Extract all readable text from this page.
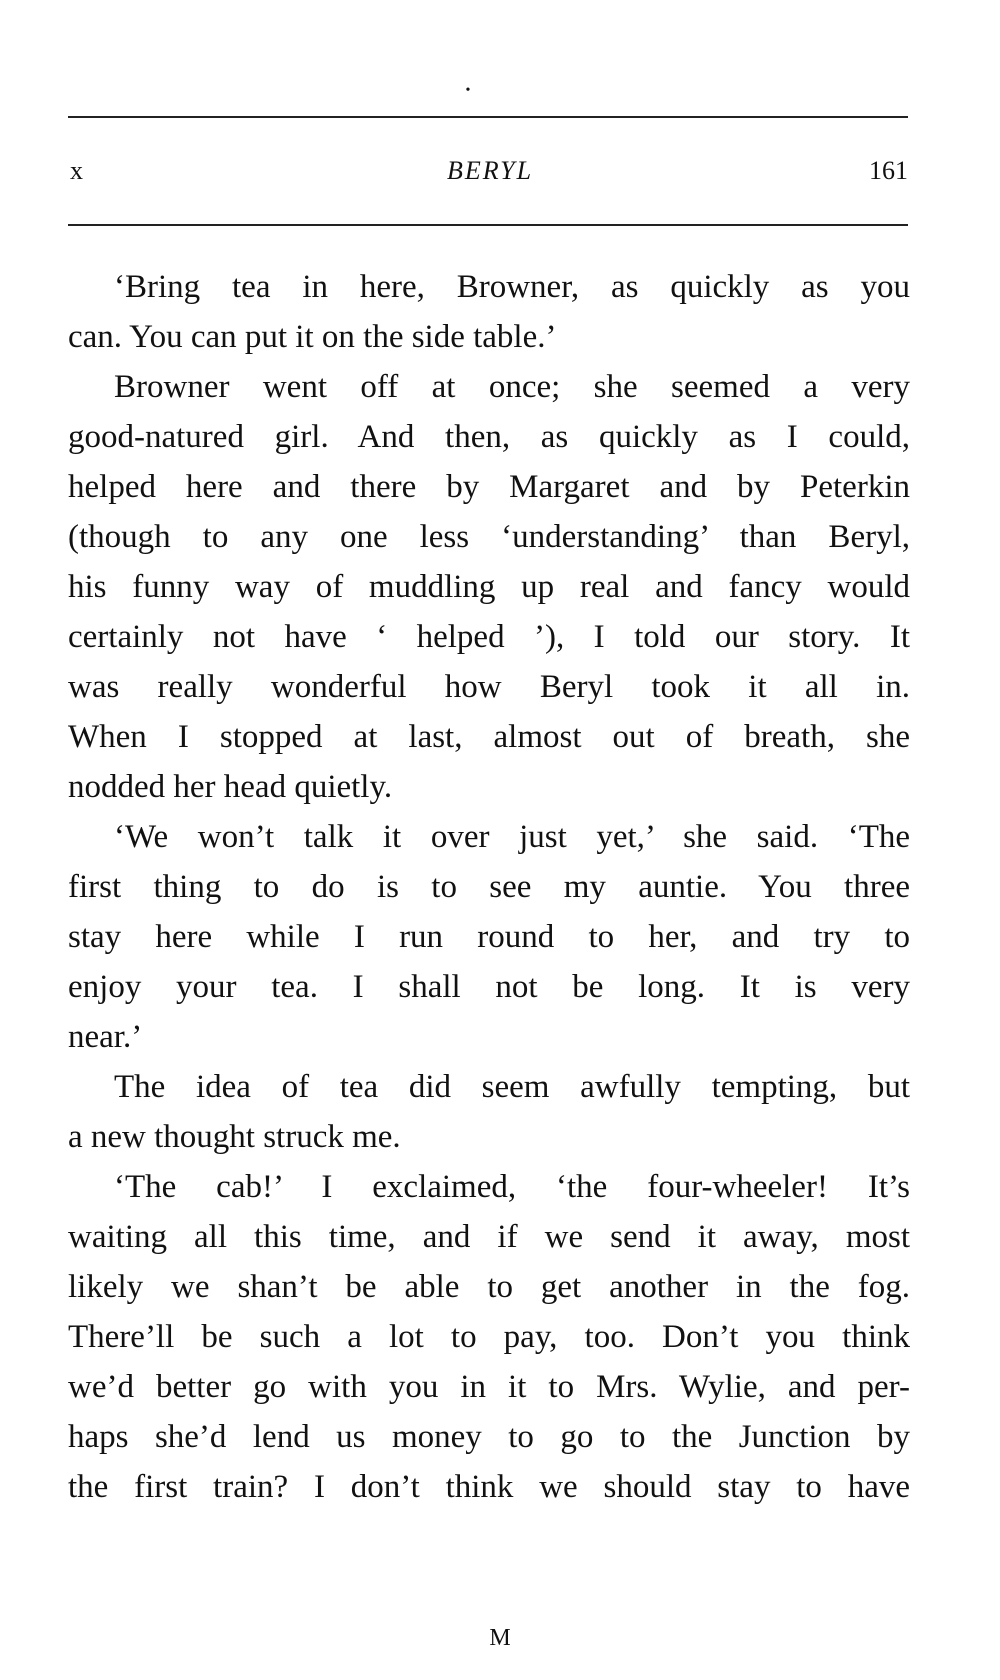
•
x	BERYL	161
‘Bring tea in here, Browner, as quickly as you
can. You can put it on the side table.’
Browner went off at once; she seemed a very
good-natured girl. And then, as quickly as I could,
helped here and there by Margaret and by Peterkin
(though to any one less ‘understanding’ than Beryl,
his funny way of muddling up real and fancy would
certainly not have ‘ helped ’), I told our story. It
was really wonderful how Beryl took it all in.
When I stopped at last, almost out of breath, she
nodded her head quietly.
‘We won’t talk it over just yet,’ she said. ‘The
first thing to do is to see my auntie. You three
stay here while I run round to her, and try to
enjoy your tea. I shall not be long. It is very
near.’
The idea of tea did seem awfully tempting, but
a new thought struck me.
‘The cab!’ I exclaimed, ‘the four-wheeler! It’s
waiting all this time, and if we send it away, most
likely we shan’t be able to get another in the fog.
There’ll be such a lot to pay, too. Don’t you think
we’d better go with you in it to Mrs. Wylie, and per-
haps she’d lend us money to go to the Junction by
the first train? I don’t think we should stay to have
M
